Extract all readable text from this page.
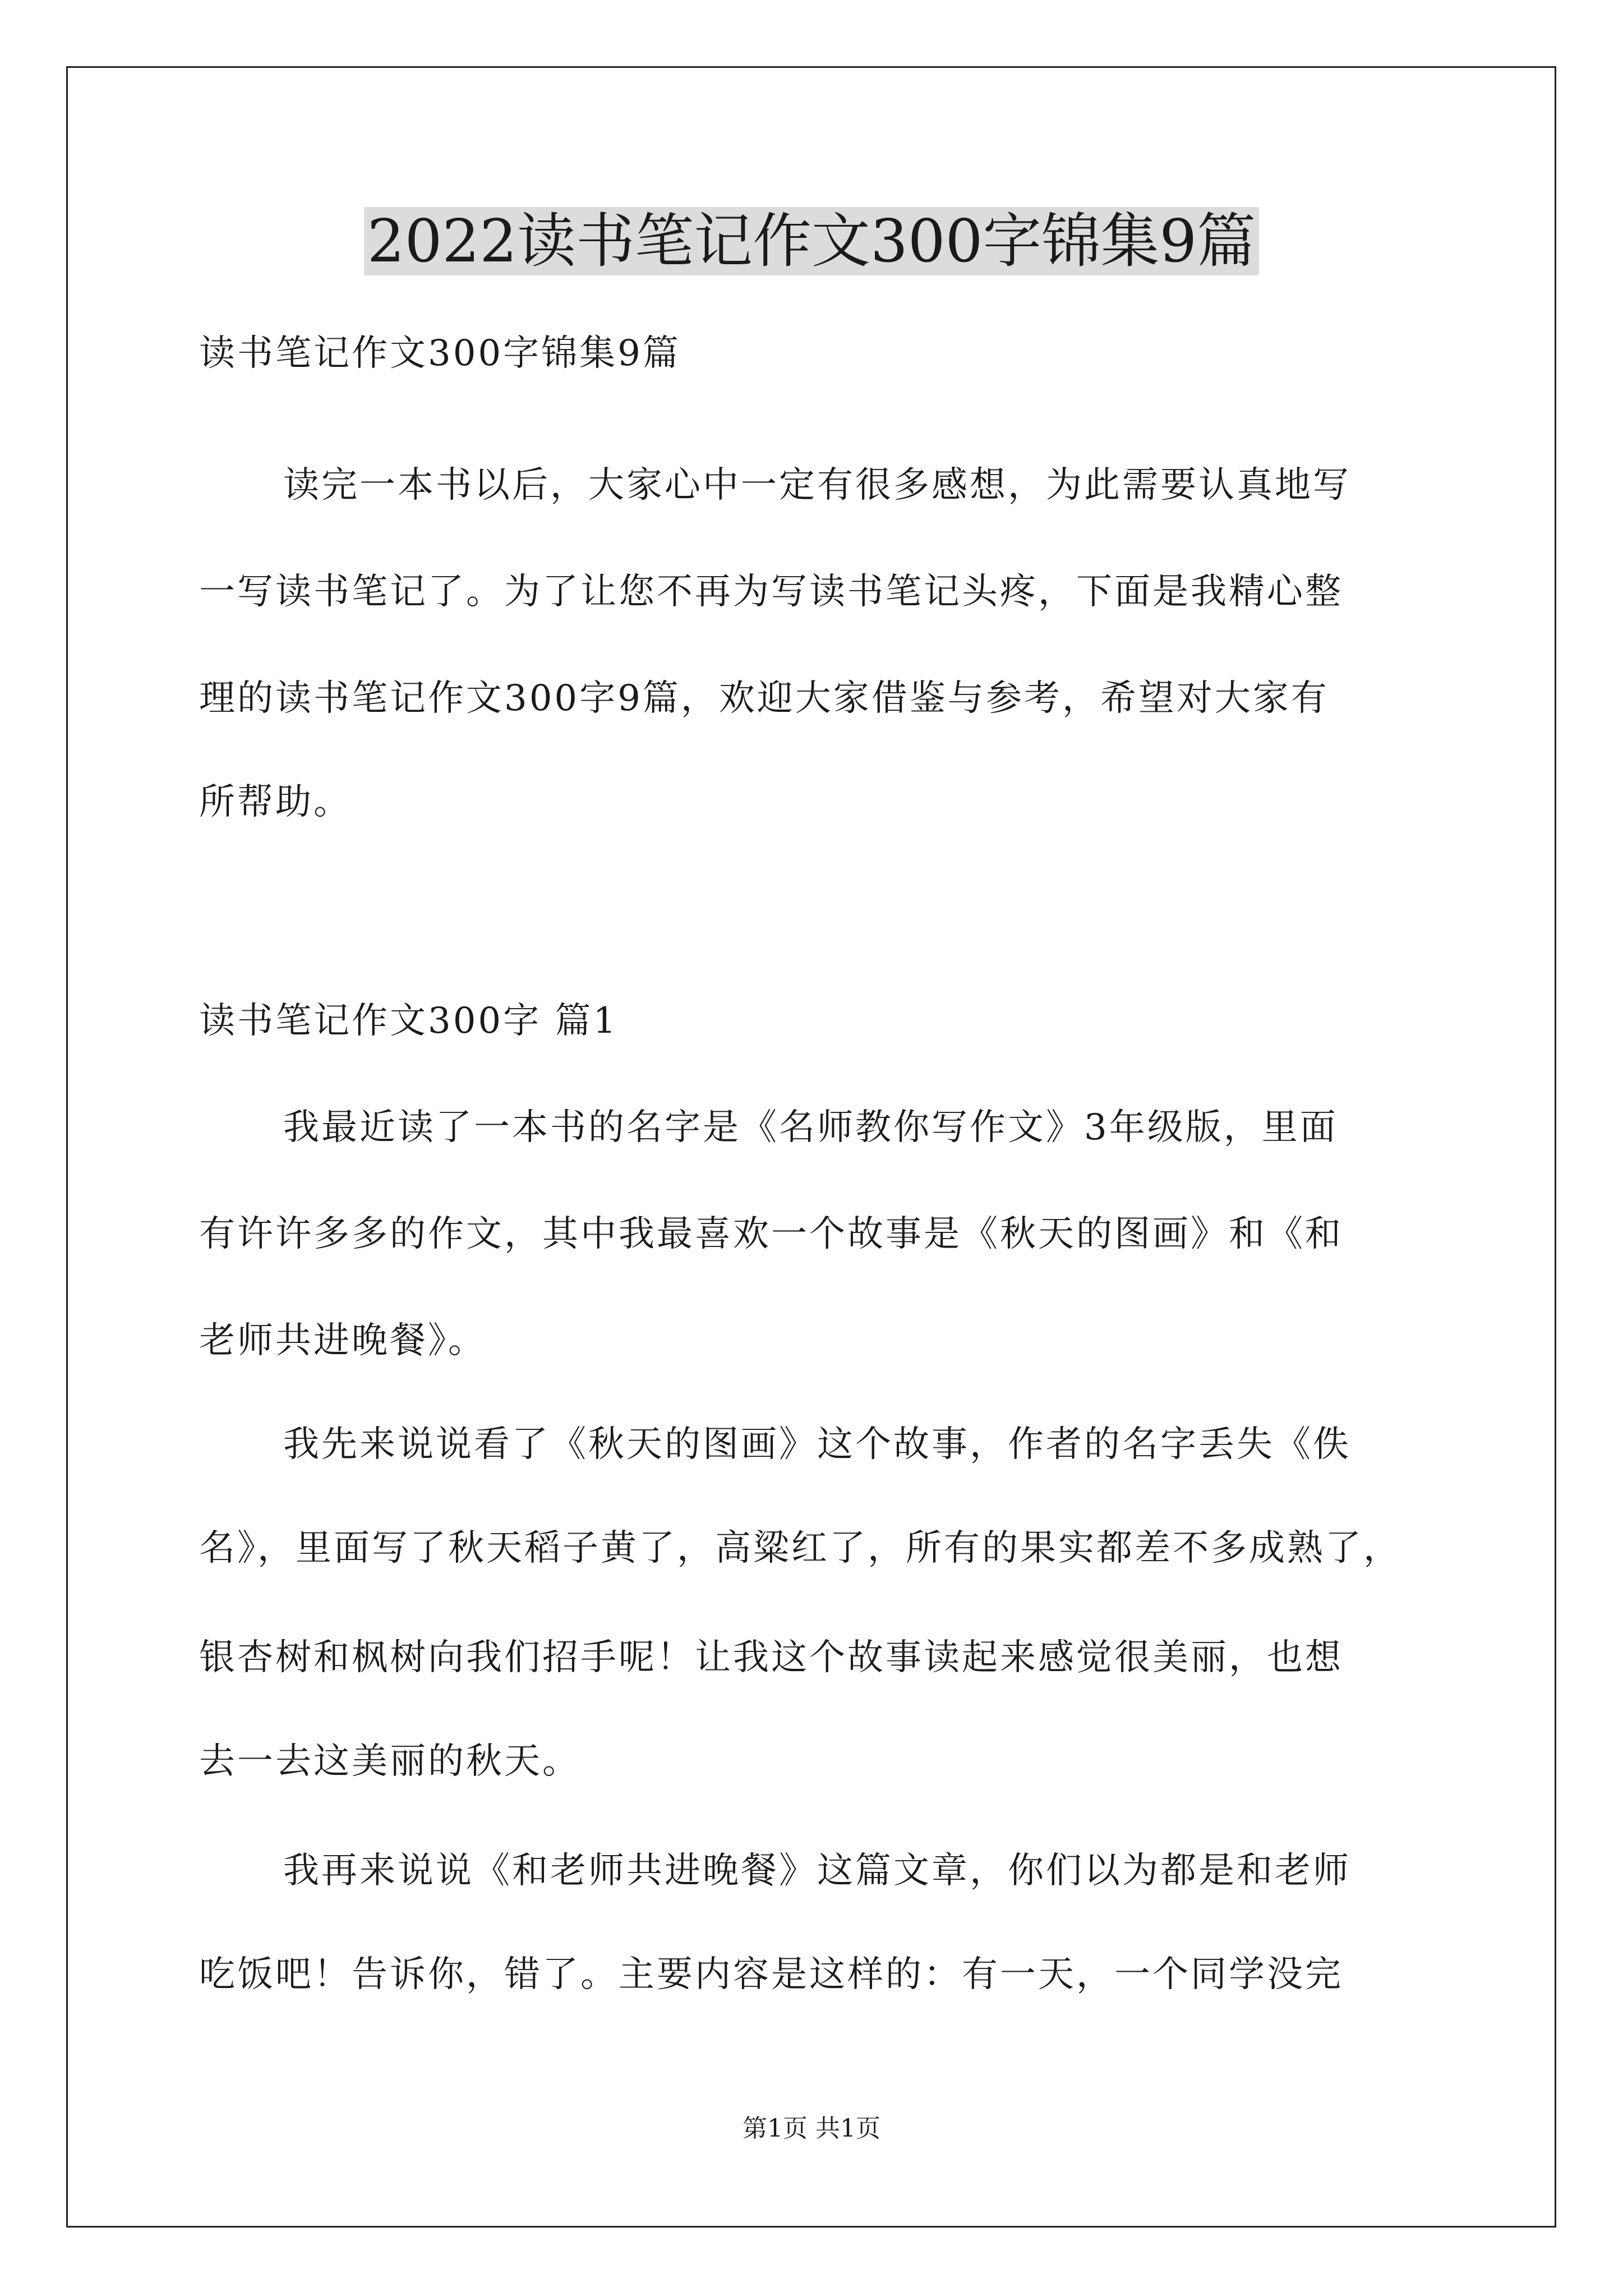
2022读书笔记作文300字锦集9篇
读书笔记作文300字锦集9篇
读完一本书以后，大家心中一定有很多感想，为此需要认真地写
一写读书笔记了。为了让您不再为写读书笔记头疼，下面是我精心整
理的读书笔记作文300字9篇，欢迎大家借鉴与参考，希望对大家有
所帮助。
读书笔记作文300字 篇1
我最近读了一本书的名字是《名师教你写作文》3年级版，里面
有许许多多的作文，其中我最喜欢一个故事是《秋天的图画》和《和
老师共进晚餐》。
我先来说说看了《秋天的图画》这个故事，作者的名字丢失《佚
名》，里面写了秋天稻子黄了，高粱红了，所有的果实都差不多成熟了，
银杏树和枫树向我们招手呢！让我这个故事读起来感觉很美丽，也想
去一去这美丽的秋天。
我再来说说《和老师共进晚餐》这篇文章，你们以为都是和老师
吃饭吧！告诉你，错了。主要内容是这样的：有一天，一个同学没完
第1页 共1页
